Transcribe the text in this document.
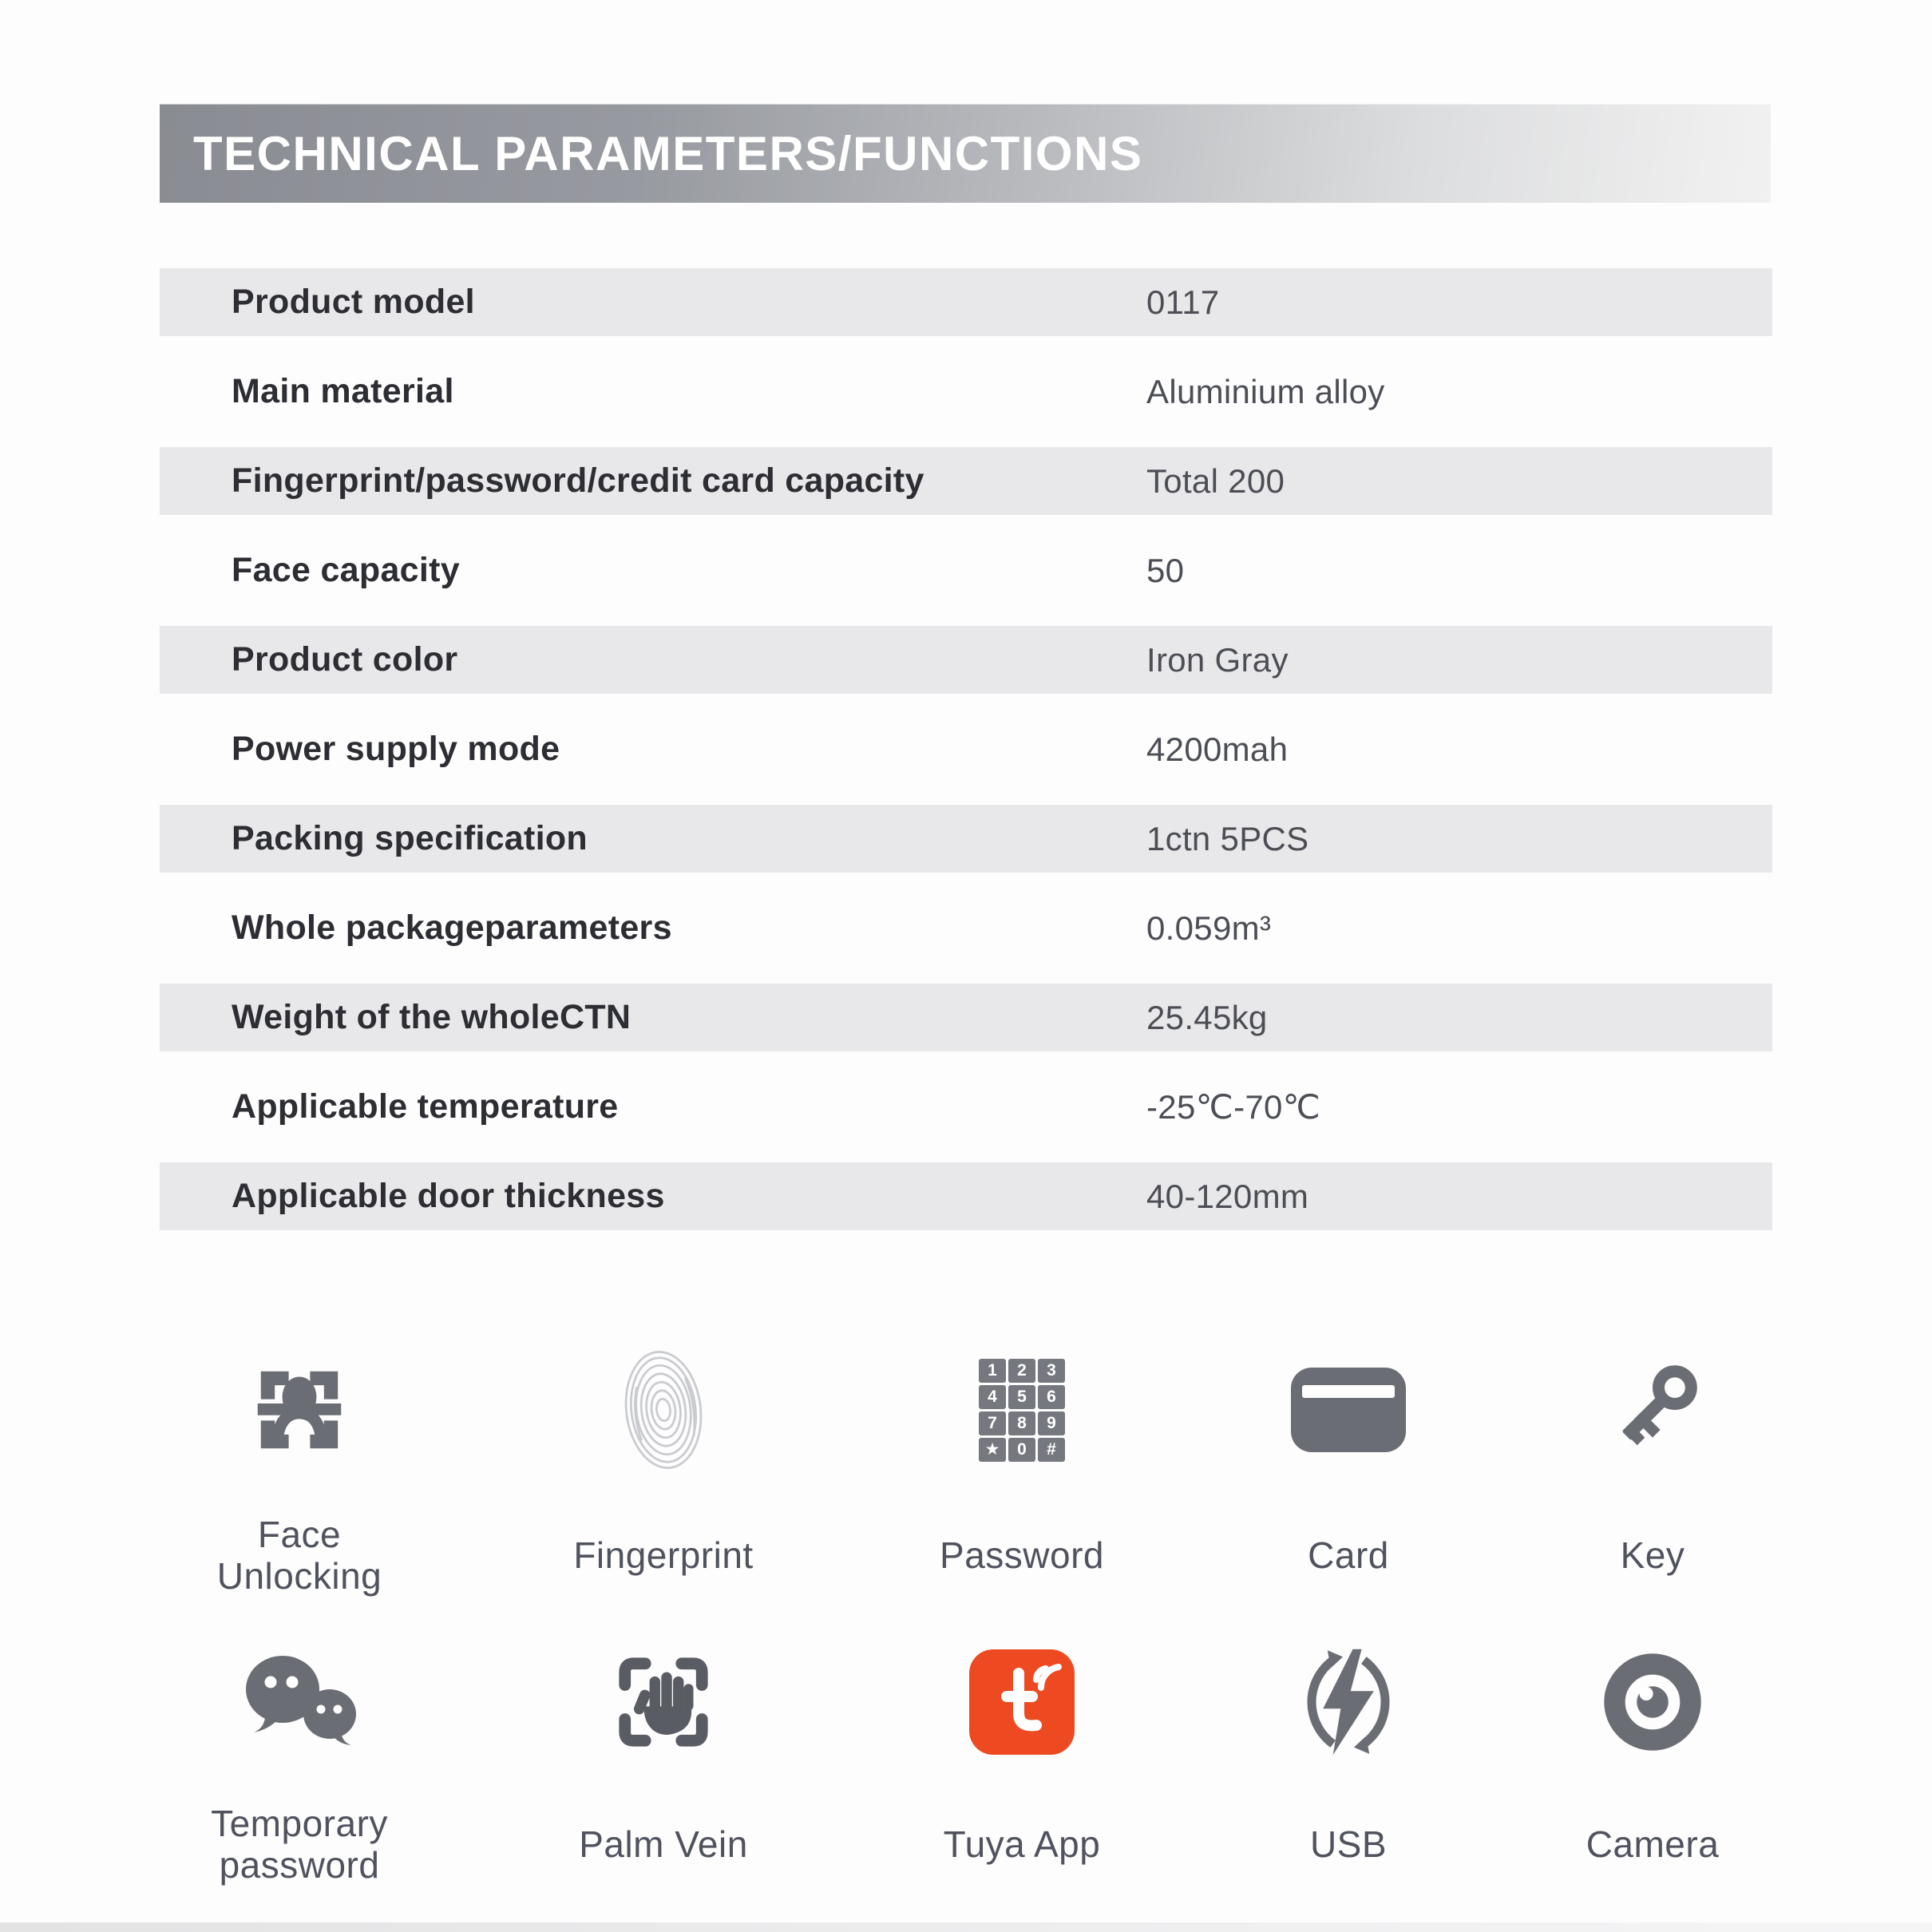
TECHNICAL PARAMETERS/FUNCTIONS
Product model	0117
Main material	Aluminium alloy
Fingerprint/password/credit card capacity	Total 200
Face capacity	50
Product color	Iron Gray
Power supply mode	4200mah
Packing specification	1ctn 5PCS
Whole packageparameters	0.059m³
Weight of the wholeCTN	25.45kg
Applicable temperature	-25℃-70℃
Applicable door thickness	40-120mm
Face Unlocking	Fingerprint
1	2	3
4	5	6
7	8	9
★	0	#
Password	Card	Key
Temporary password	Palm Vein	Tuya App	USB	Camera
